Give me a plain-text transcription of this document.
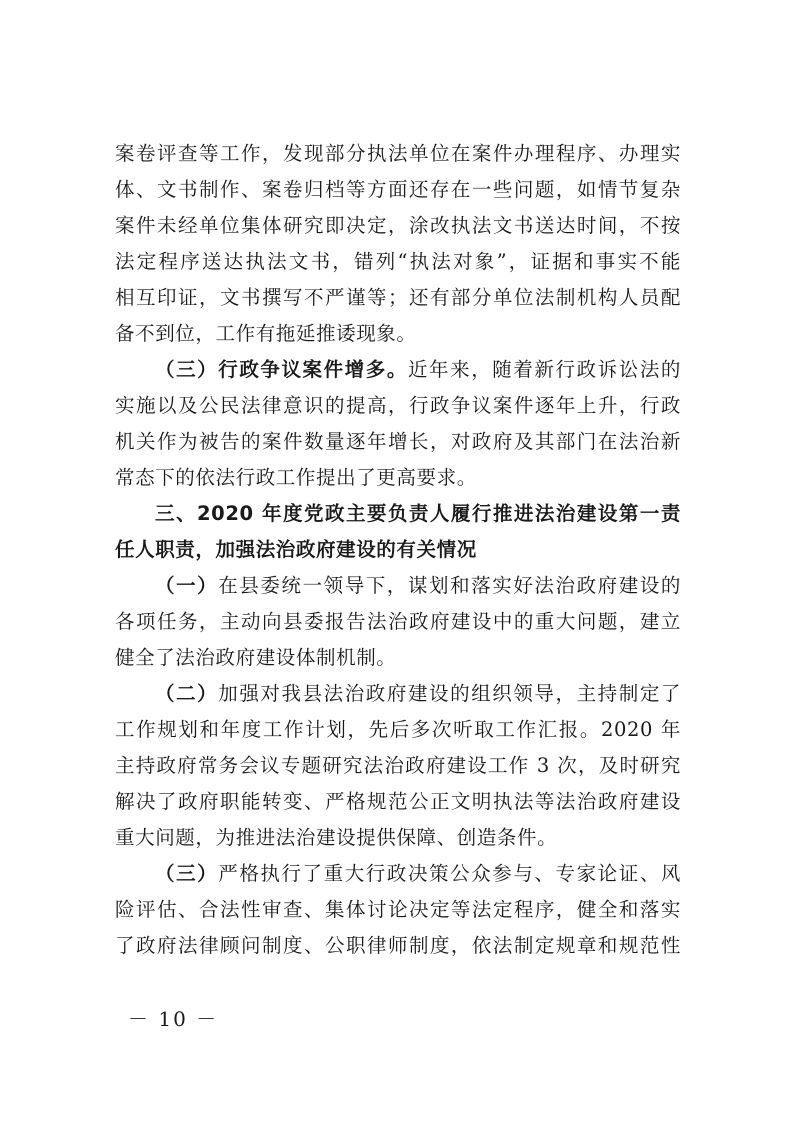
案卷评查等工作，发现部分执法单位在案件办理程序、办理实
体、文书制作、案卷归档等方面还存在一些问题，如情节复杂
案件未经单位集体研究即决定，涂改执法文书送达时间，不按
法定程序送达执法文书，错列“执法对象”，证据和事实不能
相互印证，文书撰写不严谨等；还有部分单位法制机构人员配
备不到位，工作有拖延推诿现象。
（三）行政争议案件增多。近年来，随着新行政诉讼法的
实施以及公民法律意识的提高，行政争议案件逐年上升，行政
机关作为被告的案件数量逐年增长，对政府及其部门在法治新
常态下的依法行政工作提出了更高要求。
三、2020 年度党政主要负责人履行推进法治建设第一责
任人职责，加强法治政府建设的有关情况
（一）在县委统一领导下，谋划和落实好法治政府建设的
各项任务，主动向县委报告法治政府建设中的重大问题，建立
健全了法治政府建设体制机制。
（二）加强对我县法治政府建设的组织领导，主持制定了
工作规划和年度工作计划，先后多次听取工作汇报。2020 年
主持政府常务会议专题研究法治政府建设工作 3 次，及时研究
解决了政府职能转变、严格规范公正文明执法等法治政府建设
重大问题，为推进法治建设提供保障、创造条件。
（三）严格执行了重大行政决策公众参与、专家论证、风
险评估、合法性审查、集体讨论决定等法定程序，健全和落实
了政府法律顾问制度、公职律师制度，依法制定规章和规范性
－ 10 －
